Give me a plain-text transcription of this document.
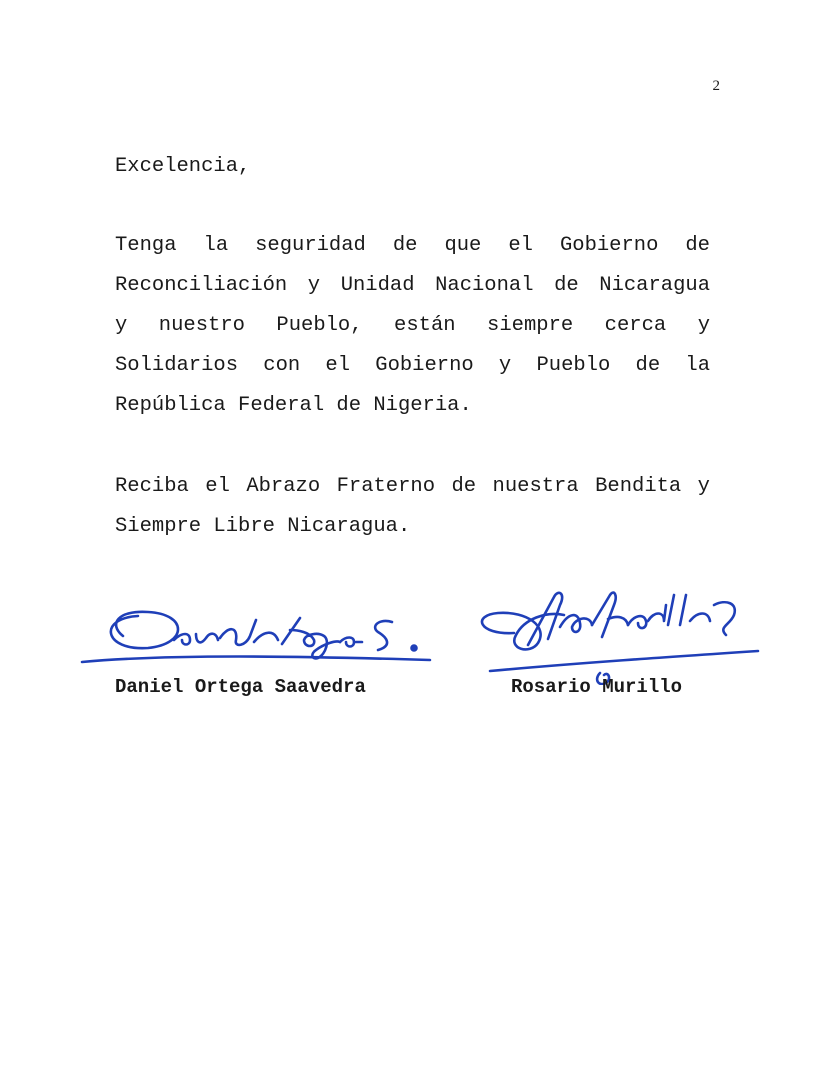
2

Excelencia,

Tenga la seguridad de que el Gobierno de
Reconciliación y Unidad Nacional de Nicaragua
y nuestro Pueblo, están siempre cerca y
Solidarios con el Gobierno y Pueblo de la
República Federal de Nigeria.

Reciba el Abrazo Fraterno de nuestra Bendita y
Siempre Libre Nicaragua.

Daniel Ortega Saavedra	Rosario Murillo
